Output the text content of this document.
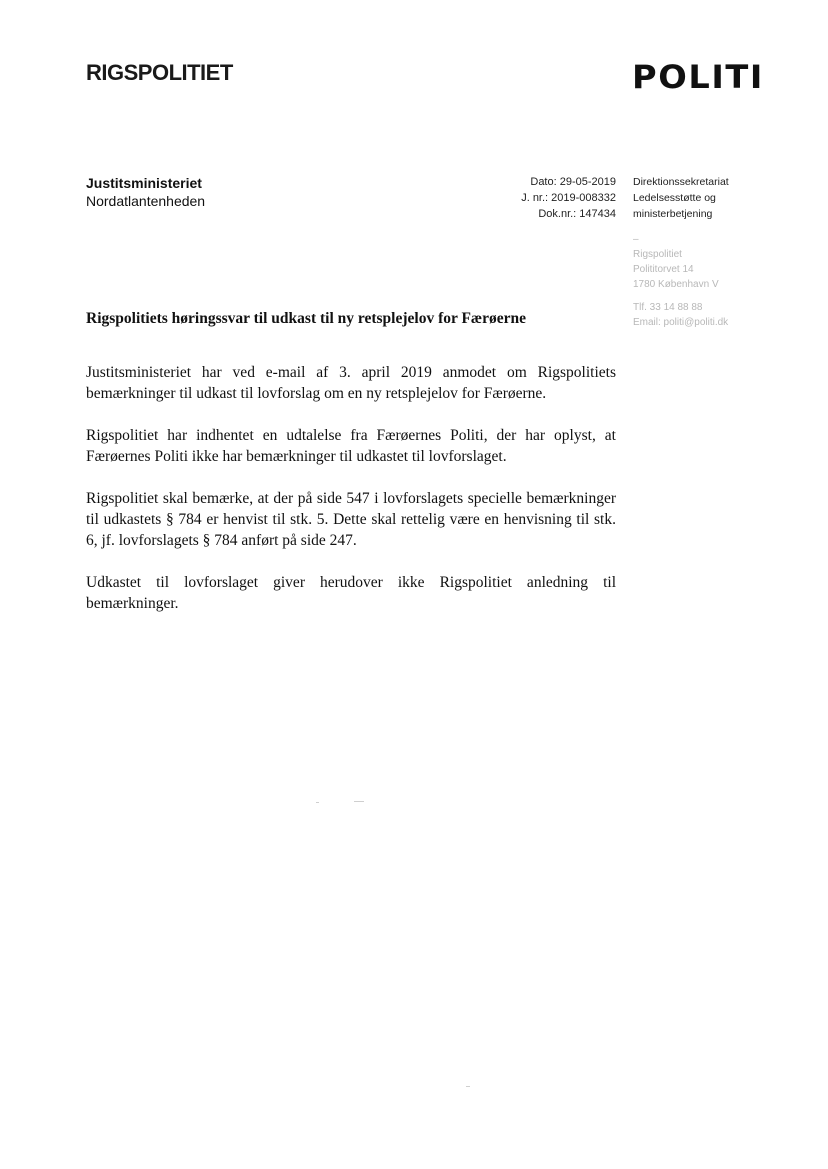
RIGSPOLITIET	POLITI
Justitsministeriet
Nordatlantenheden
Dato: 29-05-2019
J. nr.: 2019-008332
Dok.nr.: 147434
Direktionssekretariat
Ledelsesstøtte og
ministerbetjening
–
Rigspolitiet
Polititorvet 14
1780 København V
Tlf. 33 14 88 88
Email: politi@politi.dk
Rigspolitiets høringssvar til udkast til ny retsplejelov for Færøerne

Justitsministeriet har ved e-mail af 3. april 2019 anmodet om Rigspolitiets bemærkninger til udkast til lovforslag om en ny retsplejelov for Færøerne.

Rigspolitiet har indhentet en udtalelse fra Færøernes Politi, der har oplyst, at Færøernes Politi ikke har bemærkninger til udkastet til lovforslaget.

Rigspolitiet skal bemærke, at der på side 547 i lovforslagets specielle bemærkninger til udkastets § 784 er henvist til stk. 5. Dette skal rettelig være en henvisning til stk. 6, jf. lovforslagets § 784 anført på side 247.

Udkastet til lovforslaget giver herudover ikke Rigspolitiet anledning til bemærkninger.
